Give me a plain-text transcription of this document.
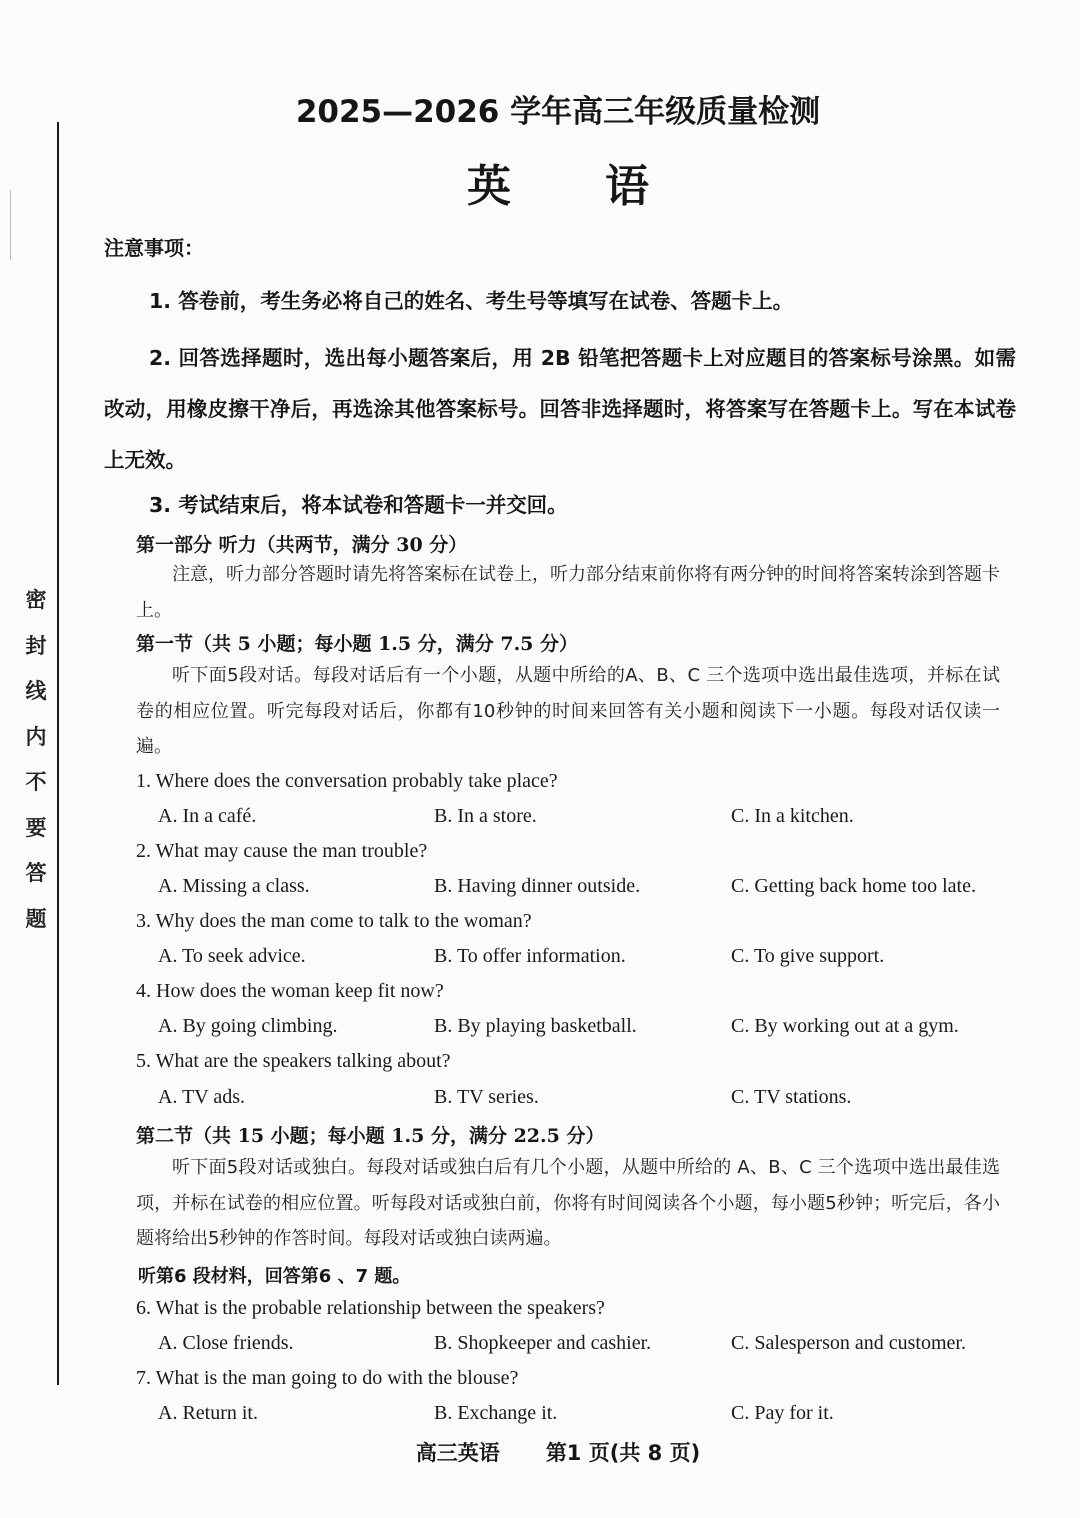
密
封
线
内
不
要
答
题
2025—2026 学年高三年级质量检测
英语
注意事项：
1. 答卷前，考生务必将自己的姓名、考生号等填写在试卷、答题卡上。
2. 回答选择题时，选出每小题答案后，用 2B 铅笔把答题卡上对应题目的答案标号涂黑。如需改动，用橡皮擦干净后，再选涂其他答案标号。回答非选择题时，将答案写在答题卡上。写在本试卷上无效。
3. 考试结束后，将本试卷和答题卡一并交回。
第一部分 听力（共两节，满分 30 分）
注意，听力部分答题时请先将答案标在试卷上，听力部分结束前你将有两分钟的时间将答案转涂到答题卡上。
第一节（共 5 小题；每小题 1.5 分，满分 7.5 分）
听下面5段对话。每段对话后有一个小题，从题中所给的A、B、C 三个选项中选出最佳选项，并标在试卷的相应位置。听完每段对话后，你都有10秒钟的时间来回答有关小题和阅读下一小题。每段对话仅读一遍。
1. Where does the conversation probably take place?
A. In a café.	B. In a store.	C. In a kitchen.
2. What may cause the man trouble?
A. Missing a class.	B. Having dinner outside.	C. Getting back home too late.
3. Why does the man come to talk to the woman?
A. To seek advice.	B. To offer information.	C. To give support.
4. How does the woman keep fit now?
A. By going climbing.	B. By playing basketball.	C. By working out at a gym.
5. What are the speakers talking about?
A. TV ads.	B. TV series.	C. TV stations.
第二节（共 15 小题；每小题 1.5 分，满分 22.5 分）
听下面5段对话或独白。每段对话或独白后有几个小题，从题中所给的 A、B、C 三个选项中选出最佳选项，并标在试卷的相应位置。听每段对话或独白前，你将有时间阅读各个小题，每小题5秒钟；听完后，各小题将给出5秒钟的作答时间。每段对话或独白读两遍。
听第6 段材料，回答第6 、7 题。
6. What is the probable relationship between the speakers?
A. Close friends.	B. Shopkeeper and cashier.	C. Salesperson and customer.
7. What is the man going to do with the blouse?
A. Return it.	B. Exchange it.	C. Pay for it.
高三英语 第1 页(共 8 页)
